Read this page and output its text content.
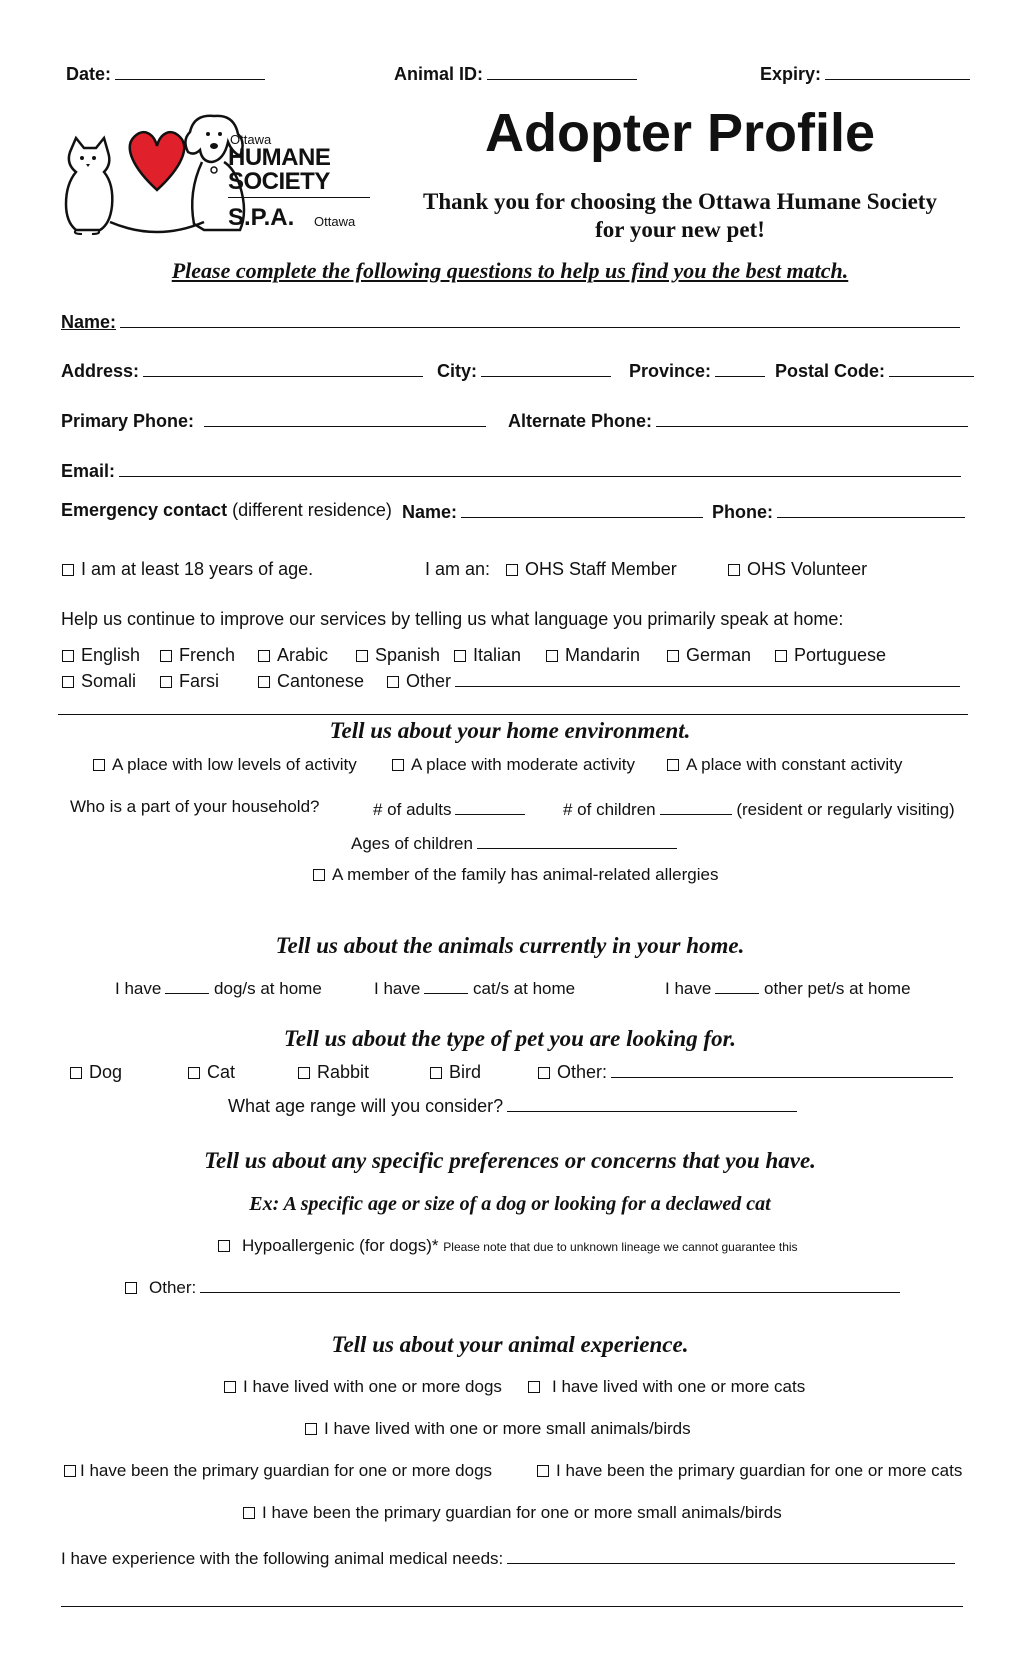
Date:	Animal ID:	Expiry:
Ottawa
HUMANE
SOCIETY
S.P.A. Ottawa
Adopter Profile
Thank you for choosing the Ottawa Humane Society
for your new pet!
Please complete the following questions to help us find you the best match.
Name:
Address:	City:	Province:	Postal Code:
Primary Phone:	Alternate Phone:
Email:
Emergency contact (different residence) Name:	Phone:
I am at least 18 years of age.	I am an:	OHS Staff Member	OHS Volunteer
Help us continue to improve our services by telling us what language you primarily speak at home:
English French Arabic	Spanish Italian Mandarin	German Portuguese
Somali Farsi	Cantonese Other
Tell us about your home environment.
A place with low levels of activity	A place with moderate activity	A place with constant activity
Who is a part of your household?	# of adults	# of children	(resident or regularly visiting)
Ages of children
A member of the family has animal-related allergies
Tell us about the animals currently in your home.
I have	dog/s at home	I have	cat/s at home	I have	other pet/s at home
Tell us about the type of pet you are looking for.
Dog	Cat	Rabbit	Bird	Other:
What age range will you consider?
Tell us about any specific preferences or concerns that you have.
Ex: A specific age or size of a dog or looking for a declawed cat
Hypoallergenic (for dogs)* Please note that due to unknown lineage we cannot guarantee this
Other:
Tell us about your animal experience.
I have lived with one or more dogs	I have lived with one or more cats
I have lived with one or more small animals/birds
I have been the primary guardian for one or more dogs	I have been the primary guardian for one or more cats
I have been the primary guardian for one or more small animals/birds
I have experience with the following animal medical needs:
